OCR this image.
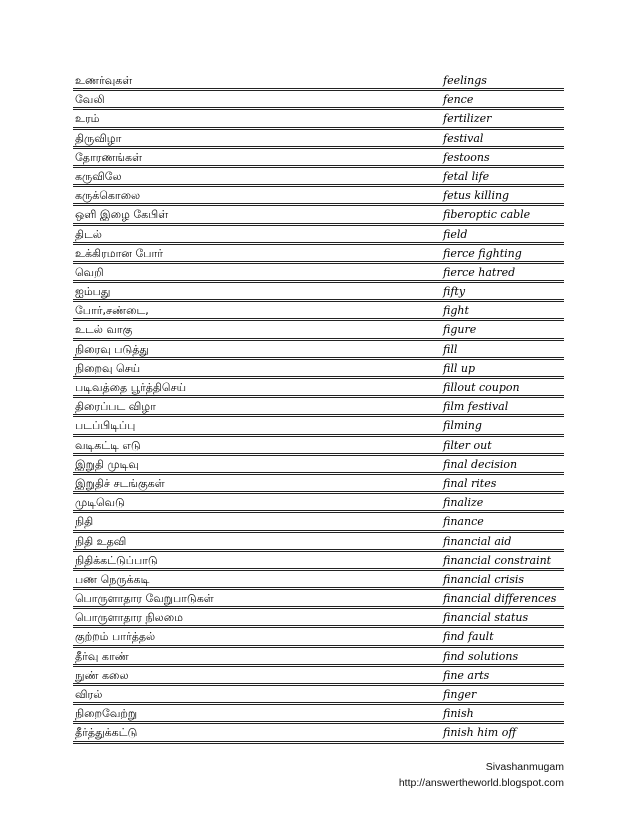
உணர்வுகள்	feelings
வேலி	fence
உரம்	fertilizer
திருவிழா	festival
தோரணங்கள்	festoons
கருவிலே	fetal life
கருக்கொலை	fetus killing
ஒளி இழை கேபிள்	fiberoptic cable
திடல்	field
உக்கிரமான போர்	fierce fighting
வெறி	fierce hatred
ஐம்பது	fifty
போர்,சண்டை,	fight
உடல் வாகு	figure
நிரைவு படுத்து	fill
நிறைவு செய்	fill up
படிவத்தை பூர்த்திசெய்	fillout coupon
திரைப்பட விழா	film festival
படப்பிடிப்பு	filming
வடிகட்டி எடு	filter out
இறுதி முடிவு	final decision
இறுதிச் சடங்குகள்	final rites
முடிவெடு	finalize
நிதி	finance
நிதி உதவி	financial aid
நிதிக்கட்டுப்பாடு	financial constraint
பண நெருக்கடி	financial crisis
பொருளாதார வேறுபாடுகள்	financial differences
பொருளாதார நிலமை	financial status
குற்றம் பார்த்தல்	find fault
தீர்வு காண்	find solutions
நுண் கலை	fine arts
விரல்	finger
நிறைவேற்று	finish
தீர்த்துக்கட்டு	finish him off
Sivashanmugam
http://answertheworld.blogspot.com
